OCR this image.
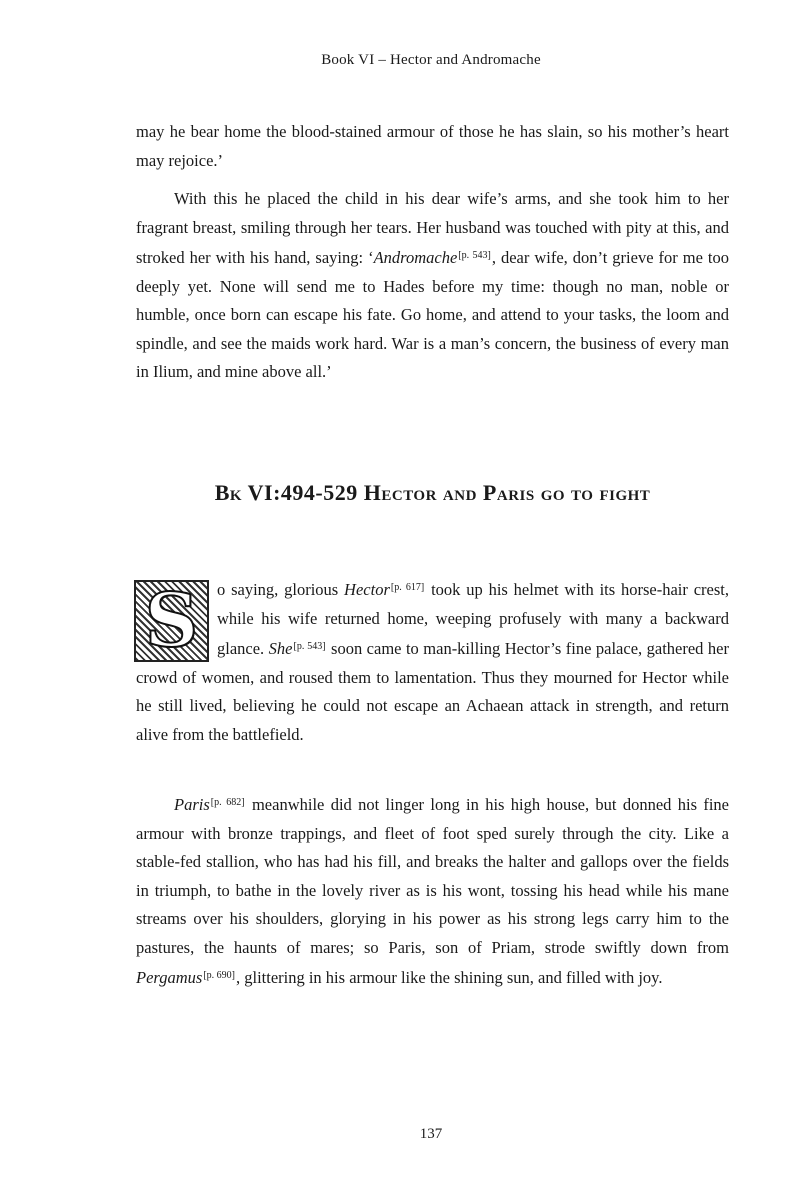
Book VI – Hector and Andromache

may he bear home the blood-stained armour of those he has slain, so his mother’s heart may rejoice.’

With this he placed the child in his dear wife’s arms, and she took him to her fragrant breast, smiling through her tears. Her husband was touched with pity at this, and stroked her with his hand, saying: ‘Andromache[p. 543], dear wife, don’t grieve for me too deeply yet. None will send me to Hades before my time: though no man, noble or humble, once born can escape his fate. Go home, and attend to your tasks, the loom and spindle, and see the maids work hard. War is a man’s concern, the business of every man in Ilium, and mine above all.’

Bk VI:494-529 Hector and Paris go to fight
S	o saying, glorious Hector[p. 617] took up his helmet with its horse-hair crest, while his wife returned home, weeping profusely with many a backward glance. She[p. 543] soon came to man-killing Hector’s fine palace, gathered her crowd of women, and roused them to lamentation. Thus they mourned for Hector while he still lived, believing he could not escape an Achaean attack in strength, and return alive from the battlefield.

Paris[p. 682] meanwhile did not linger long in his high house, but donned his fine armour with bronze trappings, and fleet of foot sped surely through the city. Like a stable-fed stallion, who has had his fill, and breaks the halter and gallops over the fields in triumph, to bathe in the lovely river as is his wont, tossing his head while his mane streams over his shoulders, glorying in his power as his strong legs carry him to the pastures, the haunts of mares; so Paris, son of Priam, strode swiftly down from Pergamus[p. 690], glittering in his armour like the shining sun, and filled with joy.

137
